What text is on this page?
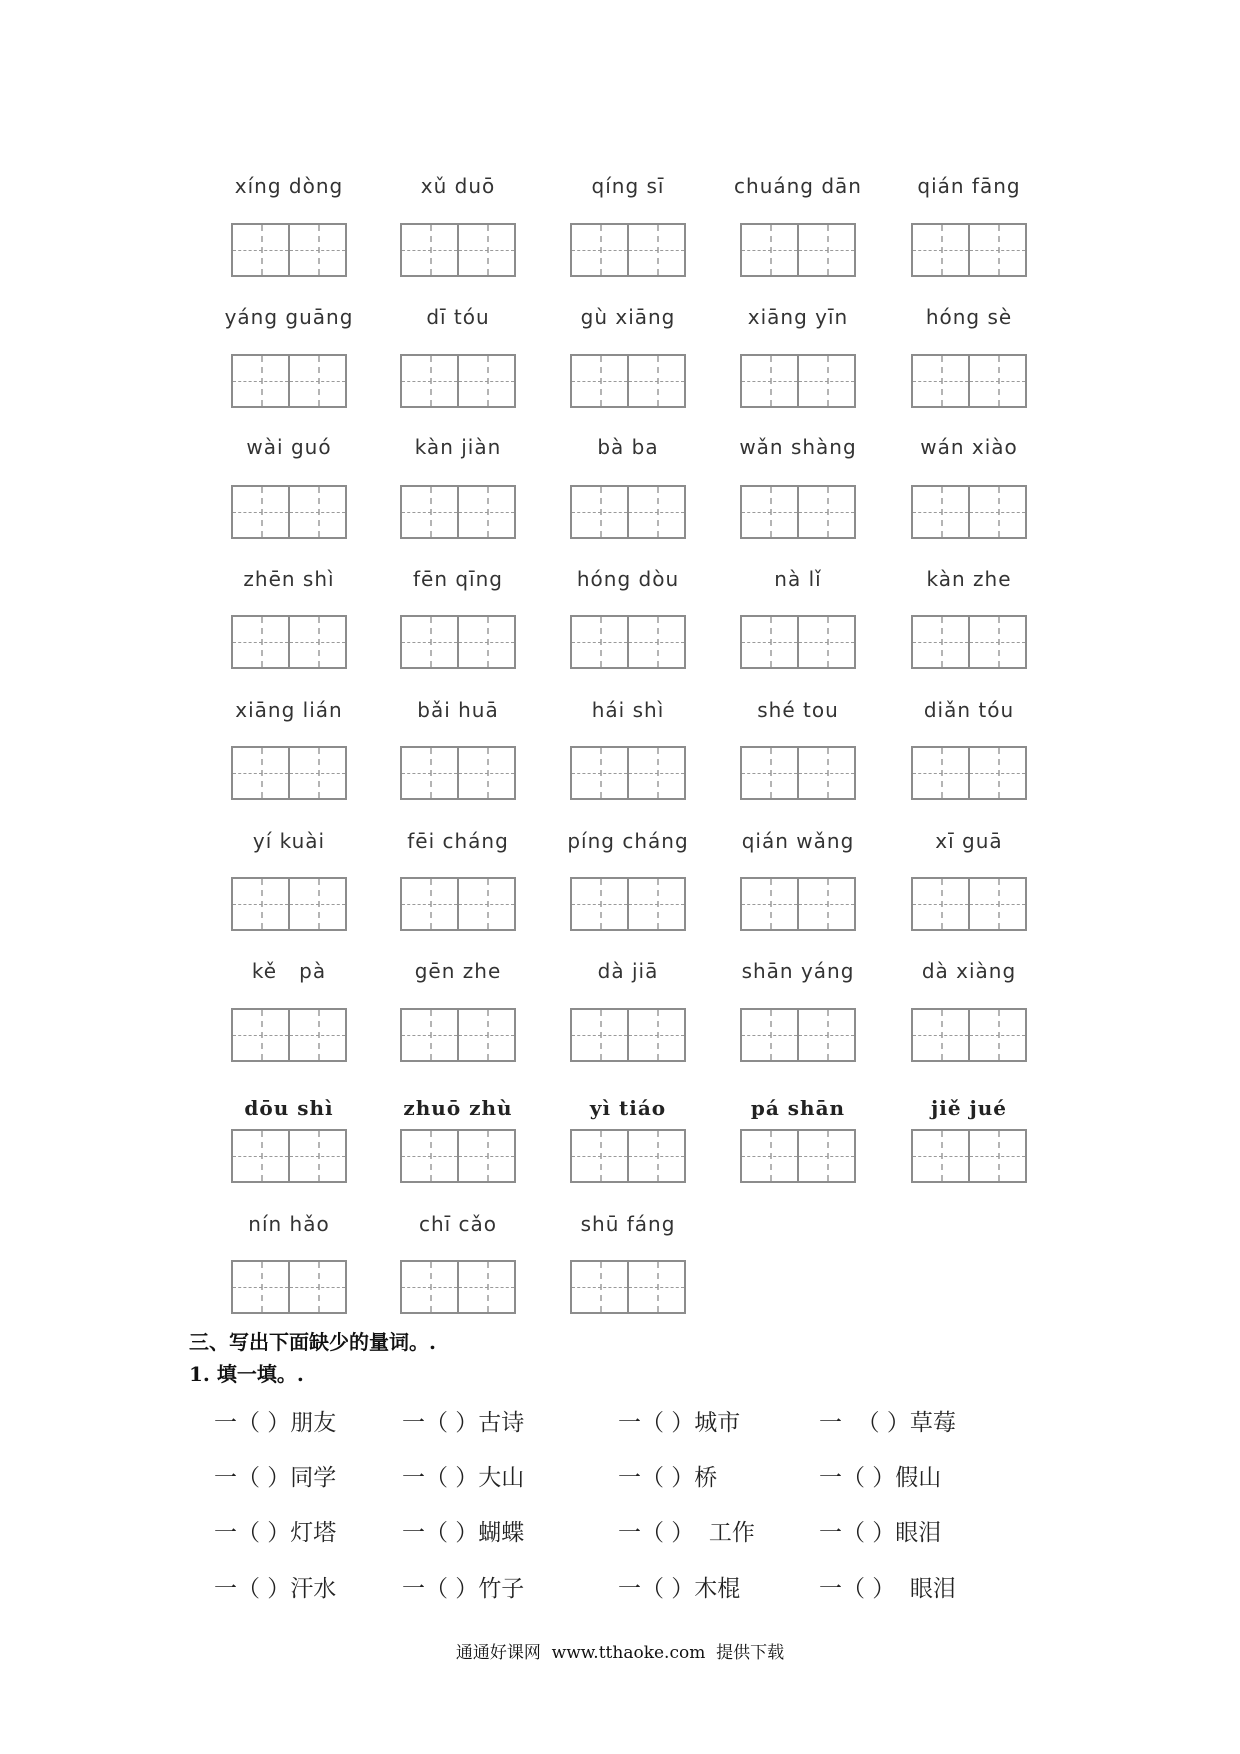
xíng dòng	xǔ duō	qíng sī	chuáng dān	qián fāng
yáng guāng	dī tóu	gù xiāng	xiāng yīn	hóng sè
wài guó	kàn jiàn	bà ba	wǎn shàng	wán xiào
zhēn shì	fēn qīng	hóng dòu	nà lǐ	kàn zhe
xiāng lián	bǎi huā	hái shì	shé tou	diǎn tóu
yí kuài	fēi cháng	píng cháng	qián wǎng	xī guā
kě   pà	gēn zhe	dà jiā	shān yáng	dà xiàng
dōu shì	zhuō zhù	yì tiáo	pá shān	jiě jué
nín hǎo	chī cǎo	shū fáng
三、写出下面缺少的量词。.
1. 填一填。.
一（ ）朋友	一（ ）古诗	一（ ）城市	一  （ ）草莓
一（ ）同学	一（ ）大山	一（ ）桥	一（ ）假山
一（ ）灯塔	一（ ）蝴蝶	一（ ）  工作	一（ ）眼泪
一（ ）汗水	一（ ）竹子	一（ ）木棍	一（ ）  眼泪
通通好课网  www.tthaoke.com  提供下载
